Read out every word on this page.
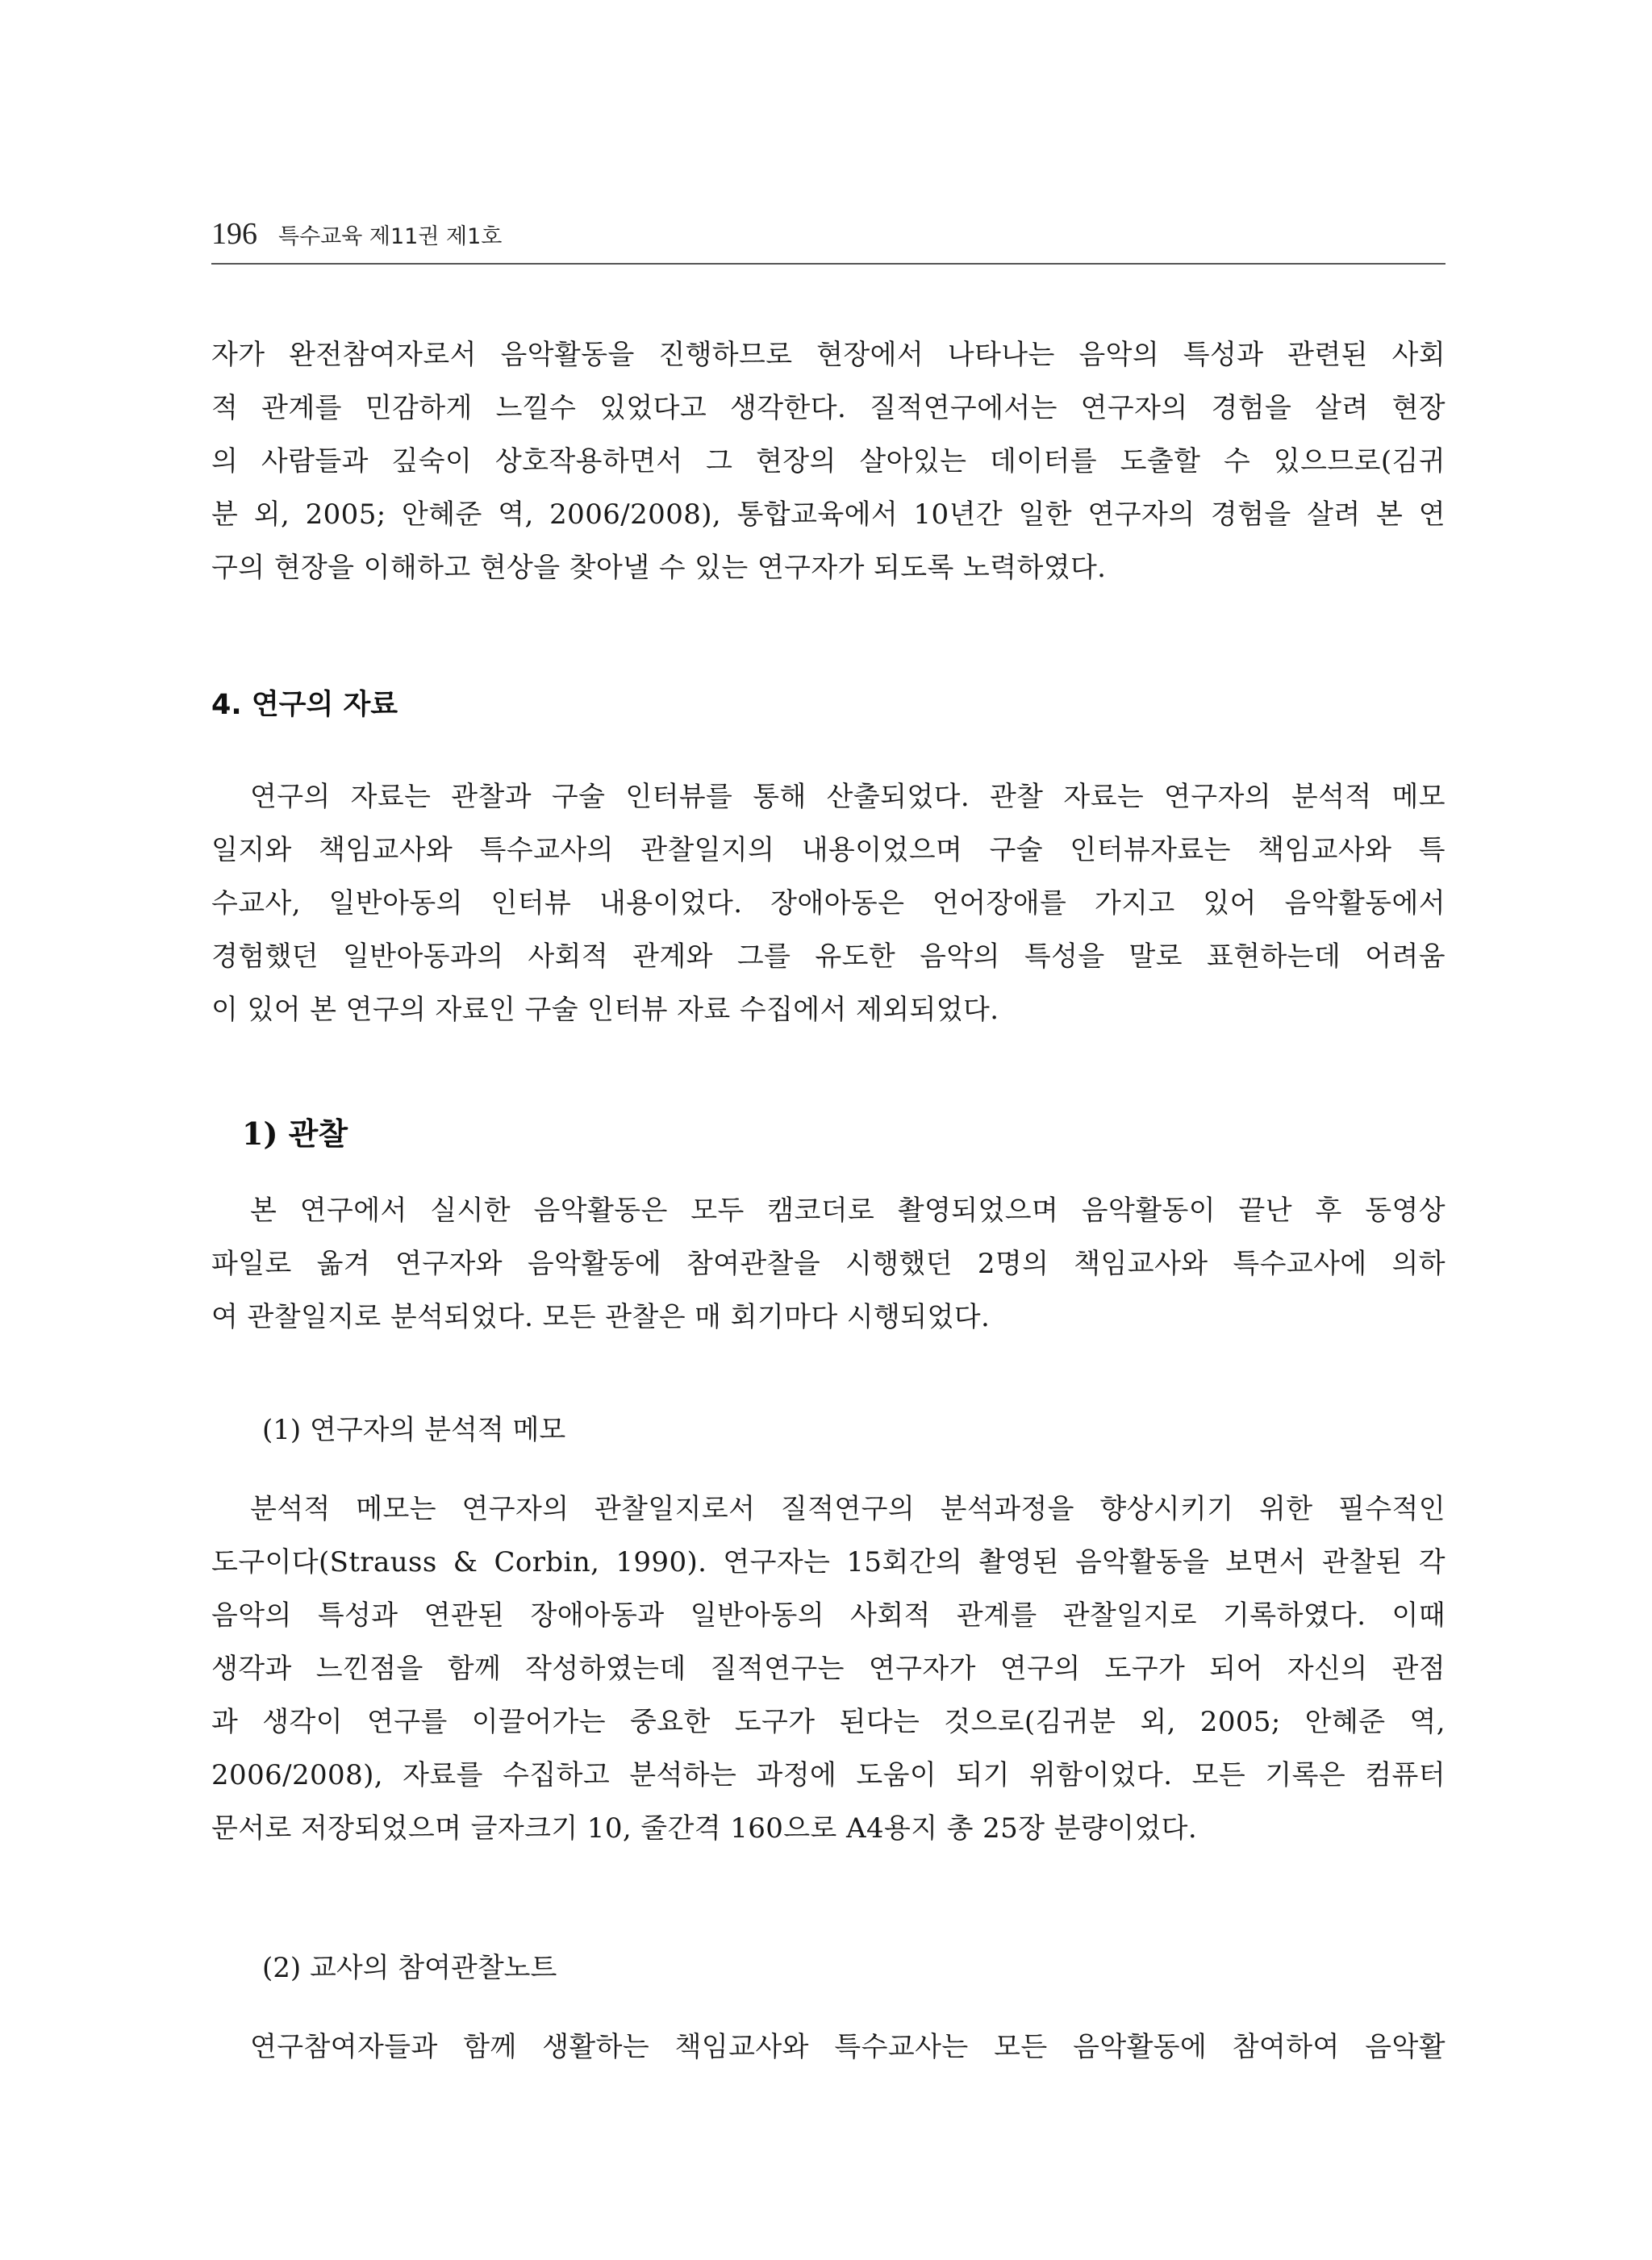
196 특수교육 제11권 제1호
자가 완전참여자로서 음악활동을 진행하므로 현장에서 나타나는 음악의 특성과 관련된 사회
적 관계를 민감하게 느낄수 있었다고 생각한다. 질적연구에서는 연구자의 경험을 살려 현장
의 사람들과 깊숙이 상호작용하면서 그 현장의 살아있는 데이터를 도출할 수 있으므로(김귀
분 외, 2005; 안혜준 역, 2006/2008), 통합교육에서 10년간 일한 연구자의 경험을 살려 본 연
구의 현장을 이해하고 현상을 찾아낼 수 있는 연구자가 되도록 노력하였다.
4. 연구의 자료
연구의 자료는 관찰과 구술 인터뷰를 통해 산출되었다. 관찰 자료는 연구자의 분석적 메모
일지와 책임교사와 특수교사의 관찰일지의 내용이었으며 구술 인터뷰자료는 책임교사와 특
수교사, 일반아동의 인터뷰 내용이었다. 장애아동은 언어장애를 가지고 있어 음악활동에서
경험했던 일반아동과의 사회적 관계와 그를 유도한 음악의 특성을 말로 표현하는데 어려움
이 있어 본 연구의 자료인 구술 인터뷰 자료 수집에서 제외되었다.
1) 관찰
본 연구에서 실시한 음악활동은 모두 캠코더로 촬영되었으며 음악활동이 끝난 후 동영상
파일로 옮겨 연구자와 음악활동에 참여관찰을 시행했던 2명의 책임교사와 특수교사에 의하
여 관찰일지로 분석되었다. 모든 관찰은 매 회기마다 시행되었다.
(1) 연구자의 분석적 메모
분석적 메모는 연구자의 관찰일지로서 질적연구의 분석과정을 향상시키기 위한 필수적인
도구이다(Strauss & Corbin, 1990). 연구자는 15회간의 촬영된 음악활동을 보면서 관찰된 각
음악의 특성과 연관된 장애아동과 일반아동의 사회적 관계를 관찰일지로 기록하였다. 이때
생각과 느낀점을 함께 작성하였는데 질적연구는 연구자가 연구의 도구가 되어 자신의 관점
과 생각이 연구를 이끌어가는 중요한 도구가 된다는 것으로(김귀분 외, 2005; 안혜준 역,
2006/2008), 자료를 수집하고 분석하는 과정에 도움이 되기 위함이었다. 모든 기록은 컴퓨터
문서로 저장되었으며 글자크기 10, 줄간격 160으로 A4용지 총 25장 분량이었다.
(2) 교사의 참여관찰노트
연구참여자들과 함께 생활하는 책임교사와 특수교사는 모든 음악활동에 참여하여 음악활
